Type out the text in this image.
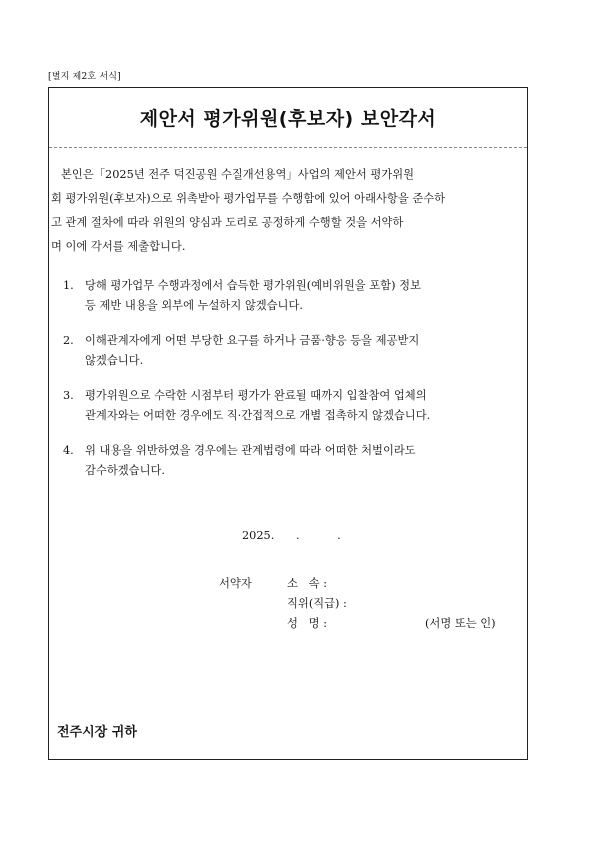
[별지 제2호 서식]
제안서 평가위원(후보자) 보안각서
본인은「2025년 전주 덕진공원 수질개선용역」사업의 제안서 평가위원
회 평가위원(후보자)으로 위촉받아 평가업무를 수행함에 있어 아래사항을 준수하
고 관계 절차에 따라 위원의 양심과 도리로 공정하게 수행할 것을 서약하
며 이에 각서를 제출합니다.
1. 당해 평가업무 수행과정에서 습득한 평가위원(예비위원을 포함) 정보
등 제반 내용을 외부에 누설하지 않겠습니다.
2. 이해관계자에게 어떤 부당한 요구를 하거나 금품·향응 등을 제공받지
않겠습니다.
3. 평가위원으로 수락한 시점부터 평가가 완료될 때까지 입찰참여 업체의
관계자와는 어떠한 경우에도 직·간접적으로 개별 접촉하지 않겠습니다.
4. 위 내용을 위반하였을 경우에는 관계법령에 따라 어떠한 처벌이라도
감수하겠습니다.
2025. .	.
서약자	소   속 :
직위(직급) :
성   명 :	(서명 또는 인)
전주시장 귀하
